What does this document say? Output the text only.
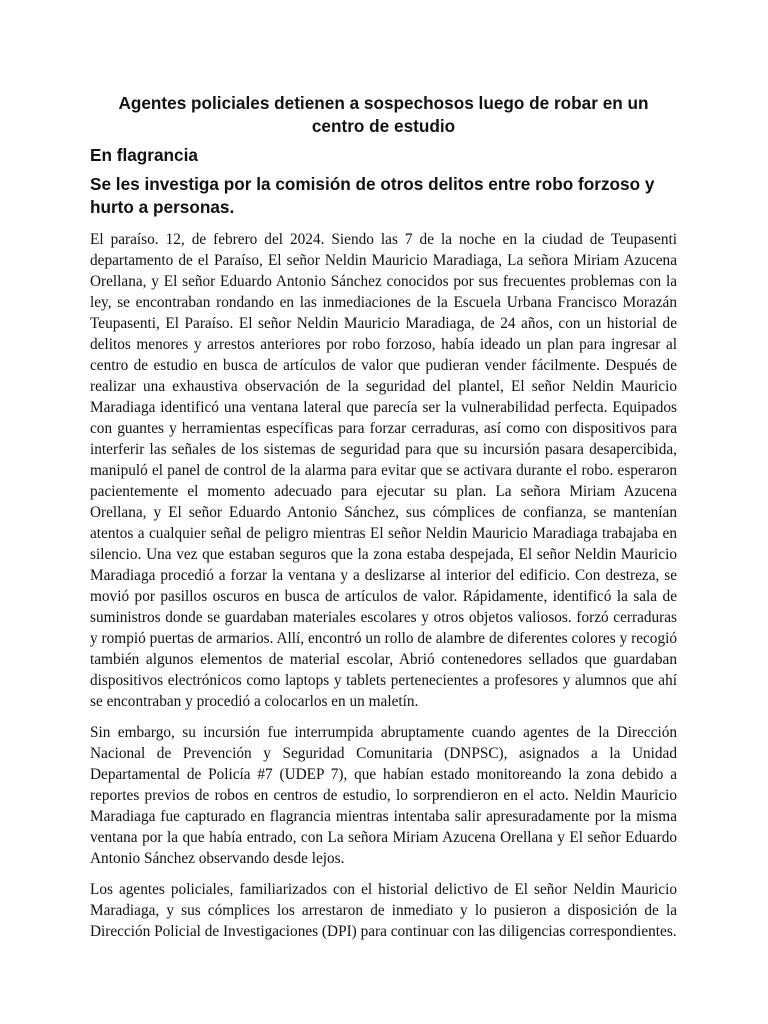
Agentes policiales detienen a sospechosos luego de robar en un centro de estudio
En flagrancia
Se les investiga por la comisión de otros delitos entre robo forzoso y hurto a personas.

El paraíso. 12, de febrero del 2024. Siendo las 7 de la noche en la ciudad de Teupasenti departamento de el Paraíso, El señor Neldin Mauricio Maradiaga, La señora Miriam Azucena Orellana, y El señor Eduardo Antonio Sánchez conocidos por sus frecuentes problemas con la ley, se encontraban rondando en las inmediaciones de la Escuela Urbana Francisco Morazán Teupasenti, El Paraíso. El señor Neldin Mauricio Maradiaga, de 24 años, con un historial de delitos menores y arrestos anteriores por robo forzoso, había ideado un plan para ingresar al centro de estudio en busca de artículos de valor que pudieran vender fácilmente. Después de realizar una exhaustiva observación de la seguridad del plantel, El señor Neldin Mauricio Maradiaga identificó una ventana lateral que parecía ser la vulnerabilidad perfecta. Equipados con guantes y herramientas específicas para forzar cerraduras, así como con dispositivos para interferir las señales de los sistemas de seguridad para que su incursión pasara desapercibida, manipuló el panel de control de la alarma para evitar que se activara durante el robo. esperaron pacientemente el momento adecuado para ejecutar su plan. La señora Miriam Azucena Orellana, y El señor Eduardo Antonio Sánchez, sus cómplices de confianza, se mantenían atentos a cualquier señal de peligro mientras El señor Neldin Mauricio Maradiaga trabajaba en silencio. Una vez que estaban seguros que la zona estaba despejada, El señor Neldin Mauricio Maradiaga procedió a forzar la ventana y a deslizarse al interior del edificio. Con destreza, se movió por pasillos oscuros en busca de artículos de valor. Rápidamente, identificó la sala de suministros donde se guardaban materiales escolares y otros objetos valiosos. forzó cerraduras y rompió puertas de armarios. Allí, encontró un rollo de alambre de diferentes colores y recogió también algunos elementos de material escolar, Abrió contenedores sellados que guardaban dispositivos electrónicos como laptops y tablets pertenecientes a profesores y alumnos que ahí se encontraban y procedió a colocarlos en un maletín.

Sin embargo, su incursión fue interrumpida abruptamente cuando agentes de la Dirección Nacional de Prevención y Seguridad Comunitaria (DNPSC), asignados a la Unidad Departamental de Policía #7 (UDEP 7), que habían estado monitoreando la zona debido a reportes previos de robos en centros de estudio, lo sorprendieron en el acto. Neldin Mauricio Maradiaga fue capturado en flagrancia mientras intentaba salir apresuradamente por la misma ventana por la que había entrado, con La señora Miriam Azucena Orellana y El señor Eduardo Antonio Sánchez observando desde lejos.

Los agentes policiales, familiarizados con el historial delictivo de El señor Neldin Mauricio Maradiaga, y sus cómplices los arrestaron de inmediato y lo pusieron a disposición de la Dirección Policial de Investigaciones (DPI) para continuar con las diligencias correspondientes.
